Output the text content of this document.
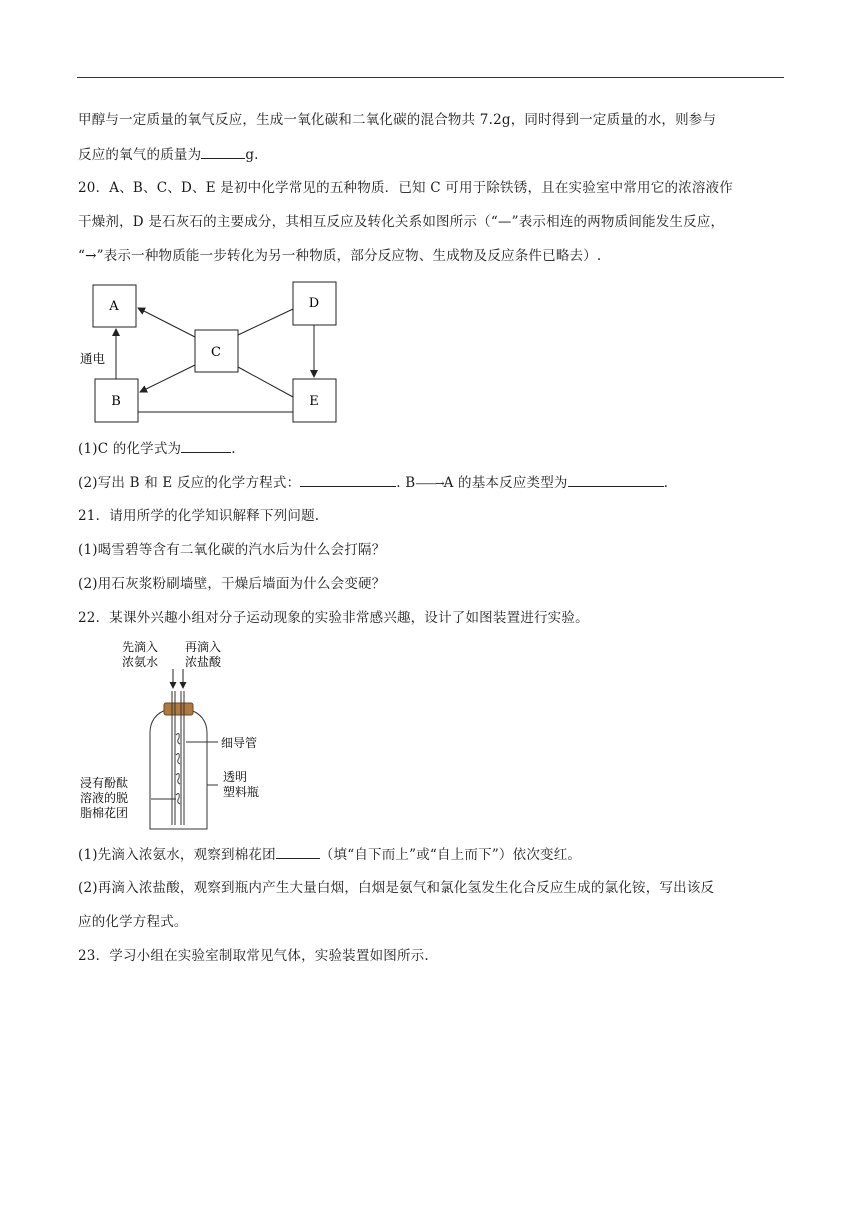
甲醇与一定质量的氧气反应，生成一氧化碳和二氧化碳的混合物共 7.2g，同时得到一定质量的水，则参与
反应的氧气的质量为	g.
20．A、B、C、D、E 是初中化学常见的五种物质．已知 C 可用于除铁锈，且在实验室中常用它的浓溶液作
干燥剂，D 是石灰石的主要成分，其相互反应及转化关系如图所示（“—”表示相连的两物质间能发生反应，
“→”表示一种物质能一步转化为另一种物质，部分反应物、生成物及反应条件已略去）.
A
B
C
D
E
通电
(1)C 的化学式为	.
(2)写出 B 和 E 反应的化学方程式：	. B——→A 的基本反应类型为	.
21．请用所学的化学知识解释下列问题.
(1)喝雪碧等含有二氧化碳的汽水后为什么会打隔？
(2)用石灰浆粉刷墙壁，干燥后墙面为什么会变硬？
22．某课外兴趣小组对分子运动现象的实验非常感兴趣，设计了如图装置进行实验。
先滴入
浓氨水
再滴入
浓盐酸
细导管
透明
塑料瓶
浸有酚酞
溶液的脱
脂棉花团
(1)先滴入浓氨水，观察到棉花团	（填“自下而上”或“自上而下”）依次变红。
(2)再滴入浓盐酸，观察到瓶内产生大量白烟，白烟是氨气和氯化氢发生化合反应生成的氯化铵，写出该反
应的化学方程式。
23．学习小组在实验室制取常见气体，实验装置如图所示.
